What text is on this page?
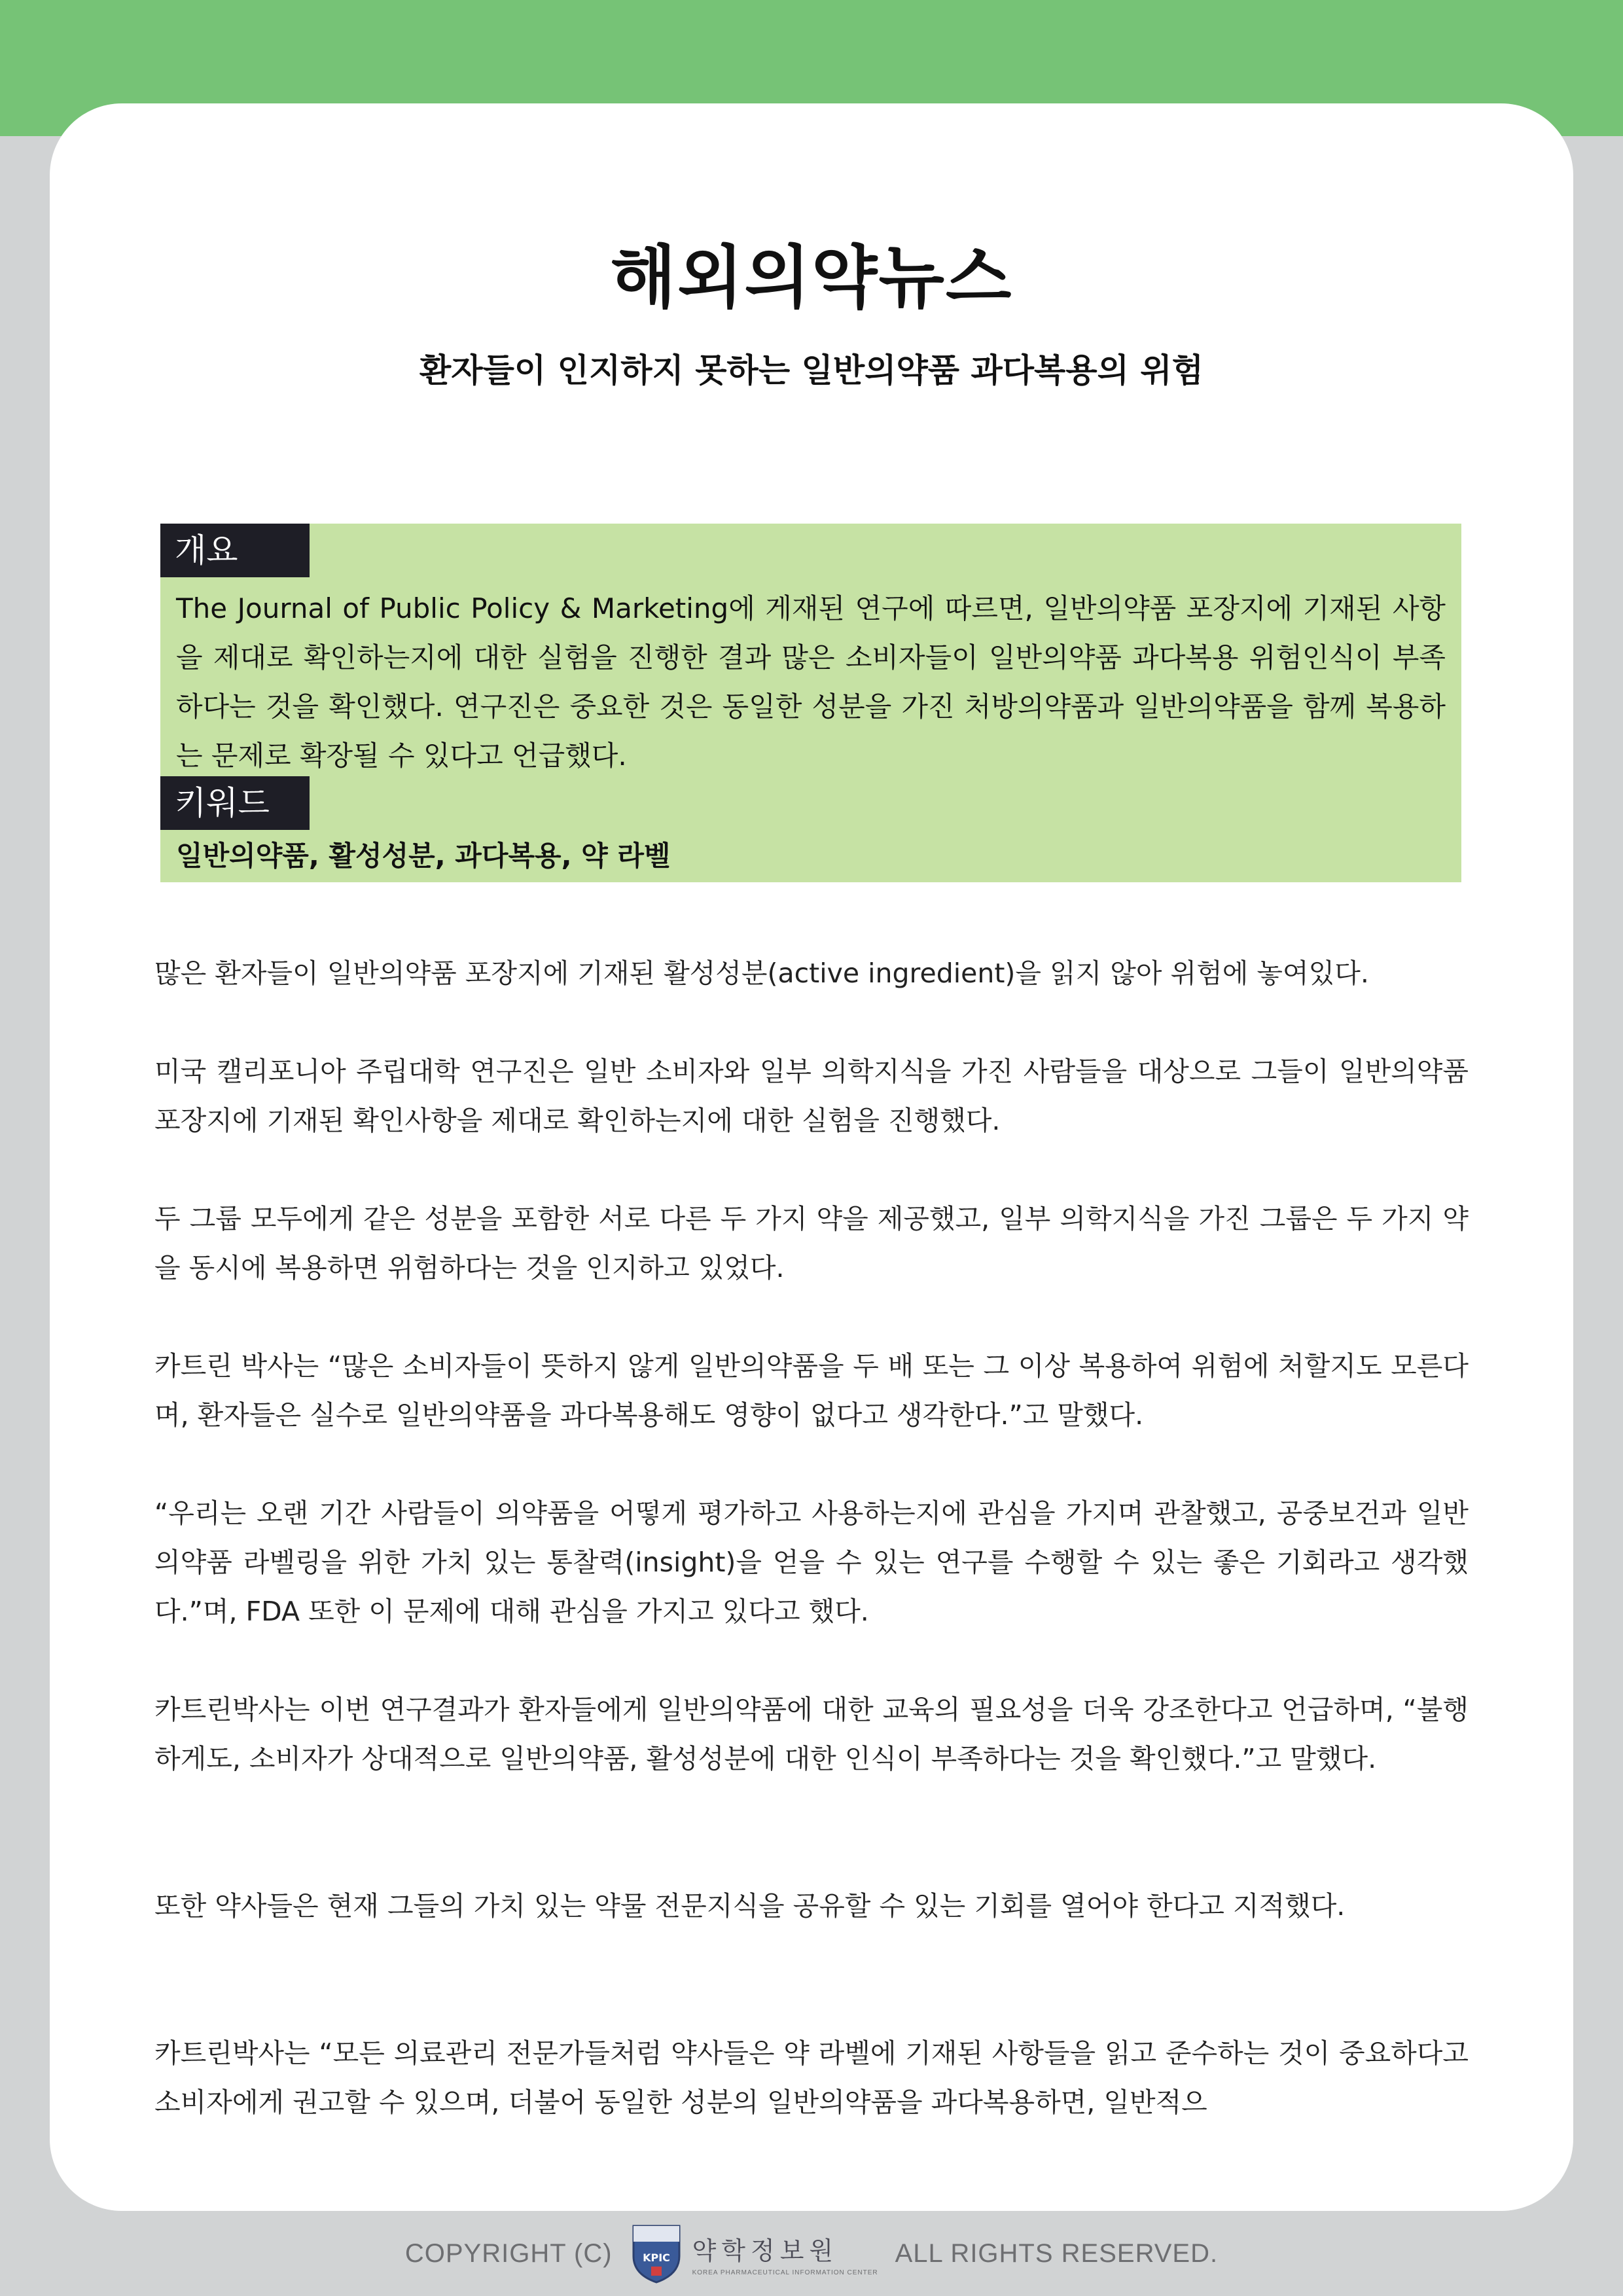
해외의약뉴스
환자들이 인지하지 못하는 일반의약품 과다복용의 위험
개요
The Journal of Public Policy & Marketing에 게재된 연구에 따르면, 일반의약품 포장지에 기재된 사항을 제대로 확인하는지에 대한 실험을 진행한 결과 많은 소비자들이 일반의약품 과다복용 위험인식이 부족하다는 것을 확인했다. 연구진은 중요한 것은 동일한 성분을 가진 처방의약품과 일반의약품을 함께 복용하는 문제로 확장될 수 있다고 언급했다.
키워드
일반의약품, 활성성분, 과다복용, 약 라벨
많은 환자들이 일반의약품 포장지에 기재된 활성성분(active ingredient)을 읽지 않아 위험에 놓여있다.
미국 캘리포니아 주립대학 연구진은 일반 소비자와 일부 의학지식을 가진 사람들을 대상으로 그들이 일반의약품 포장지에 기재된 확인사항을 제대로 확인하는지에 대한 실험을 진행했다.
두 그룹 모두에게 같은 성분을 포함한 서로 다른 두 가지 약을 제공했고, 일부 의학지식을 가진 그룹은 두 가지 약을 동시에 복용하면 위험하다는 것을 인지하고 있었다.
카트린 박사는 “많은 소비자들이 뜻하지 않게 일반의약품을 두 배 또는 그 이상 복용하여 위험에 처할지도 모른다며, 환자들은 실수로 일반의약품을 과다복용해도 영향이 없다고 생각한다.”고 말했다.
“우리는 오랜 기간 사람들이 의약품을 어떻게 평가하고 사용하는지에 관심을 가지며 관찰했고, 공중보건과 일반의약품 라벨링을 위한 가치 있는 통찰력(insight)을 얻을 수 있는 연구를 수행할 수 있는 좋은 기회라고 생각했다.”며, FDA 또한 이 문제에 대해 관심을 가지고 있다고 했다.
카트린박사는 이번 연구결과가 환자들에게 일반의약품에 대한 교육의 필요성을 더욱 강조한다고 언급하며, “불행하게도, 소비자가 상대적으로 일반의약품, 활성성분에 대한 인식이 부족하다는 것을 확인했다.”고 말했다.
또한 약사들은 현재 그들의 가치 있는 약물 전문지식을 공유할 수 있는 기회를 열어야 한다고 지적했다.
카트린박사는 “모든 의료관리 전문가들처럼 약사들은 약 라벨에 기재된 사항들을 읽고 준수하는 것이 중요하다고 소비자에게 권고할 수 있으며, 더불어 동일한 성분의 일반의약품을 과다복용하면, 일반적으
COPYRIGHT (C)	KPIC 약학정보원
KOREA PHARMACEUTICAL INFORMATION CENTER
ALL RIGHTS RESERVED.
